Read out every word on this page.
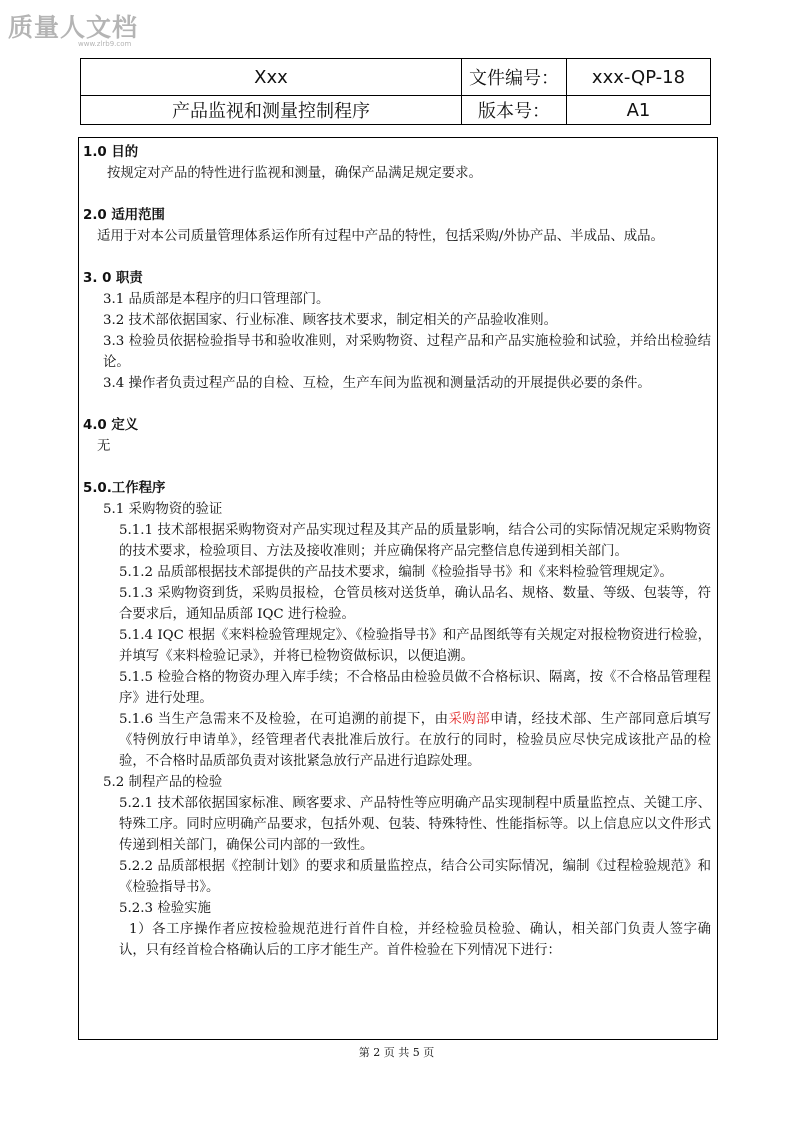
质量人文档
www.zlrb9.com
Xxx	文件编号：	xxx-QP-18
产品监视和测量控制程序	版本号：	A1
1.0 目的

按规定对产品的特性进行监视和测量，确保产品满足规定要求。

2.0 适用范围

适用于对本公司质量管理体系运作所有过程中产品的特性，包括采购/外协产品、半成品、成品。

3. 0 职责

3.1 品质部是本程序的归口管理部门。

3.2 技术部依据国家、行业标准、顾客技术要求，制定相关的产品验收准则。

3.3 检验员依据检验指导书和验收准则，对采购物资、过程产品和产品实施检验和试验，并给出检验结论。

3.4 操作者负责过程产品的自检、互检，生产车间为监视和测量活动的开展提供必要的条件。

4.0 定义

无

5.0.工作程序

5.1 采购物资的验证

5.1.1 技术部根据采购物资对产品实现过程及其产品的质量影响，结合公司的实际情况规定采购物资的技术要求，检验项目、方法及接收准则；并应确保将产品完整信息传递到相关部门。

5.1.2 品质部根据技术部提供的产品技术要求，编制《检验指导书》和《来料检验管理规定》。

5.1.3 采购物资到货，采购员报检，仓管员核对送货单，确认品名、规格、数量、等级、包装等，符合要求后，通知品质部 IQC 进行检验。

5.1.4 IQC 根据《来料检验管理规定》、《检验指导书》和产品图纸等有关规定对报检物资进行检验，并填写《来料检验记录》，并将已检物资做标识，以便追溯。

5.1.5 检验合格的物资办理入库手续；不合格品由检验员做不合格标识、隔离，按《不合格品管理程序》进行处理。

5.1.6 当生产急需来不及检验，在可追溯的前提下，由采购部申请，经技术部、生产部同意后填写《特例放行申请单》，经管理者代表批准后放行。在放行的同时，检验员应尽快完成该批产品的检验，不合格时品质部负责对该批紧急放行产品进行追踪处理。

5.2 制程产品的检验

5.2.1 技术部依据国家标准、顾客要求、产品特性等应明确产品实现制程中质量监控点、关键工序、特殊工序。同时应明确产品要求，包括外观、包装、特殊特性、性能指标等。以上信息应以文件形式传递到相关部门，确保公司内部的一致性。

5.2.2 品质部根据《控制计划》的要求和质量监控点，结合公司实际情况，编制《过程检验规范》和《检验指导书》。

5.2.3 检验实施

1）各工序操作者应按检验规范进行首件自检，并经检验员检验、确认，相关部门负责人签字确认，只有经首检合格确认后的工序才能生产。首件检验在下列情况下进行：

第 2 页 共 5 页
